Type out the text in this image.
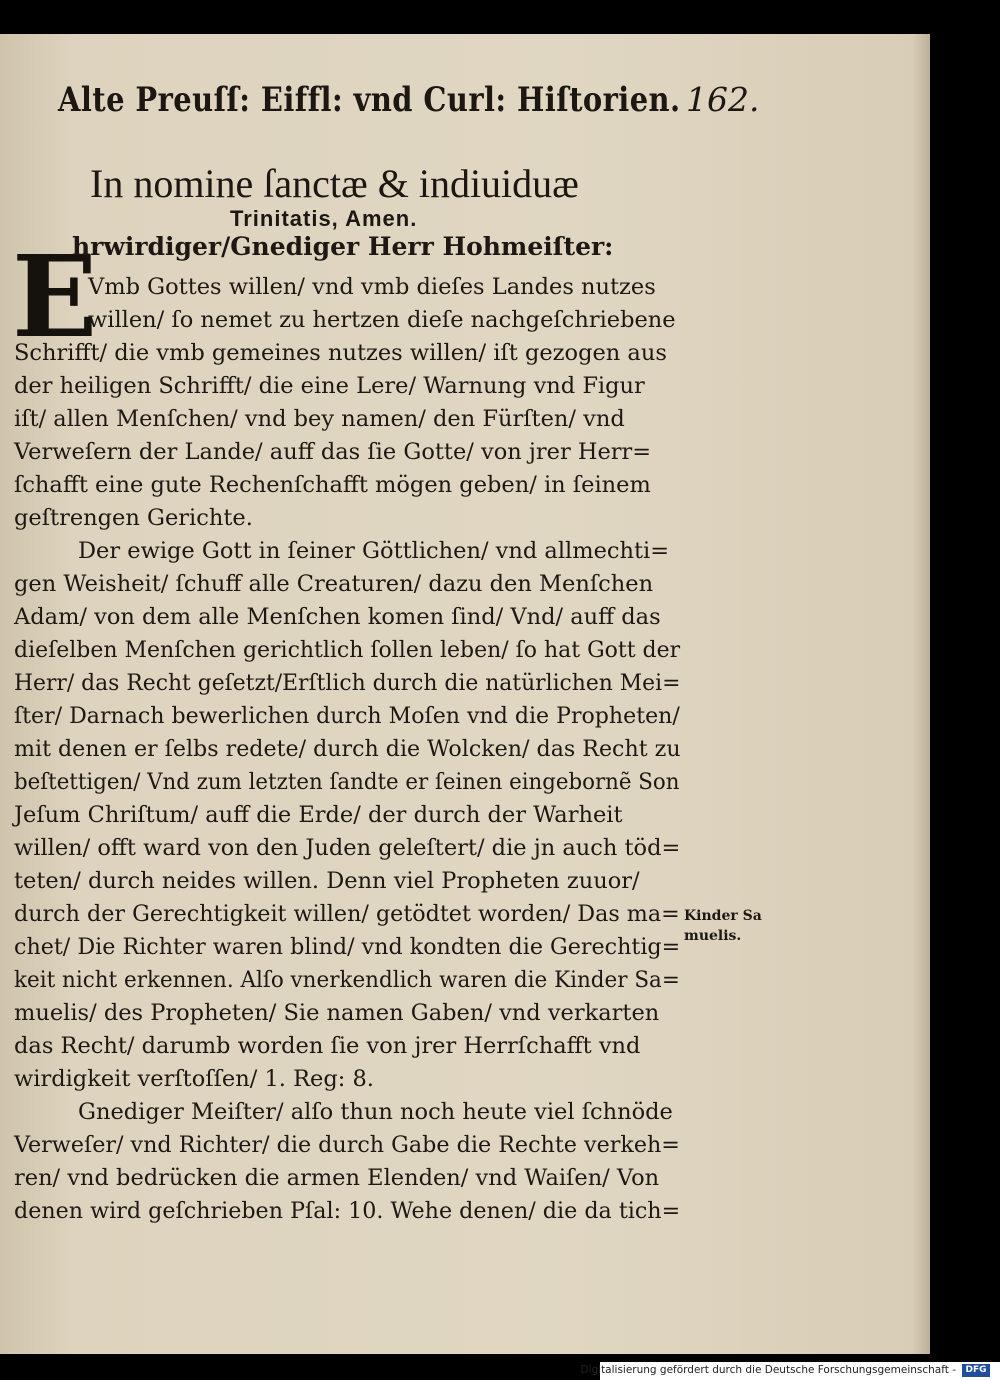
Alte Preuſſ: Eiffl: vnd Curl: Hiſtorien. 162.
In nomine ſanctæ & indiuiduæ
Trinitatis, Amen.
E
hrwirdiger/Gnediger Herr Hohmeiſter:
Vmb Gottes willen/ vnd vmb dieſes Landes nutzes
willen/ ſo nemet zu hertzen dieſe nachgeſchriebene
Schrifft/ die vmb gemeines nutzes willen/ iſt gezogen aus
der heiligen Schrifft/ die eine Lere/ Warnung vnd Figur
iſt/ allen Menſchen/ vnd bey namen/ den Fürſten/ vnd
Verweſern der Lande/ auff das ſie Gotte/ von jrer Herr=
ſchafft eine gute Rechenſchafft mögen geben/ in ſeinem
geſtrengen Gerichte.
Der ewige Gott in ſeiner Göttlichen/ vnd allmechti=
gen Weisheit/ ſchuff alle Creaturen/ dazu den Menſchen
Adam/ von dem alle Menſchen komen ſind/ Vnd/ auff das
dieſelben Menſchen gerichtlich ſollen leben/ ſo hat Gott der
Herr/ das Recht geſetzt/Erſtlich durch die natürlichen Mei=
ſter/ Darnach bewerlichen durch Moſen vnd die Propheten/
mit denen er ſelbs redete/ durch die Wolcken/ das Recht zu
beſtettigen/ Vnd zum letzten ſandte er ſeinen eingebornẽ Son
Jeſum Chriſtum/ auff die Erde/ der durch der Warheit
willen/ offt ward von den Juden geleſtert/ die jn auch töd=
teten/ durch neides willen. Denn viel Propheten zuuor/
durch der Gerechtigkeit willen/ getödtet worden/ Das ma=
chet/ Die Richter waren blind/ vnd kondten die Gerechtig=
keit nicht erkennen. Alſo vnerkendlich waren die Kinder Sa=
muelis/ des Propheten/ Sie namen Gaben/ vnd verkarten
das Recht/ darumb worden ſie von jrer Herrſchafft vnd
wirdigkeit verſtoſſen/ 1. Reg: 8.
Gnediger Meiſter/ alſo thun noch heute viel ſchnöde
Verweſer/ vnd Richter/ die durch Gabe die Rechte verkeh=
ren/ vnd bedrücken die armen Elenden/ vnd Waiſen/ Von
denen wird geſchrieben Pſal: 10. Wehe denen/ die da tich=
Kinder Sa
muelis.
Digitalisierung gefördert durch die Deutsche Forschungsgemeinschaft -	DFG
